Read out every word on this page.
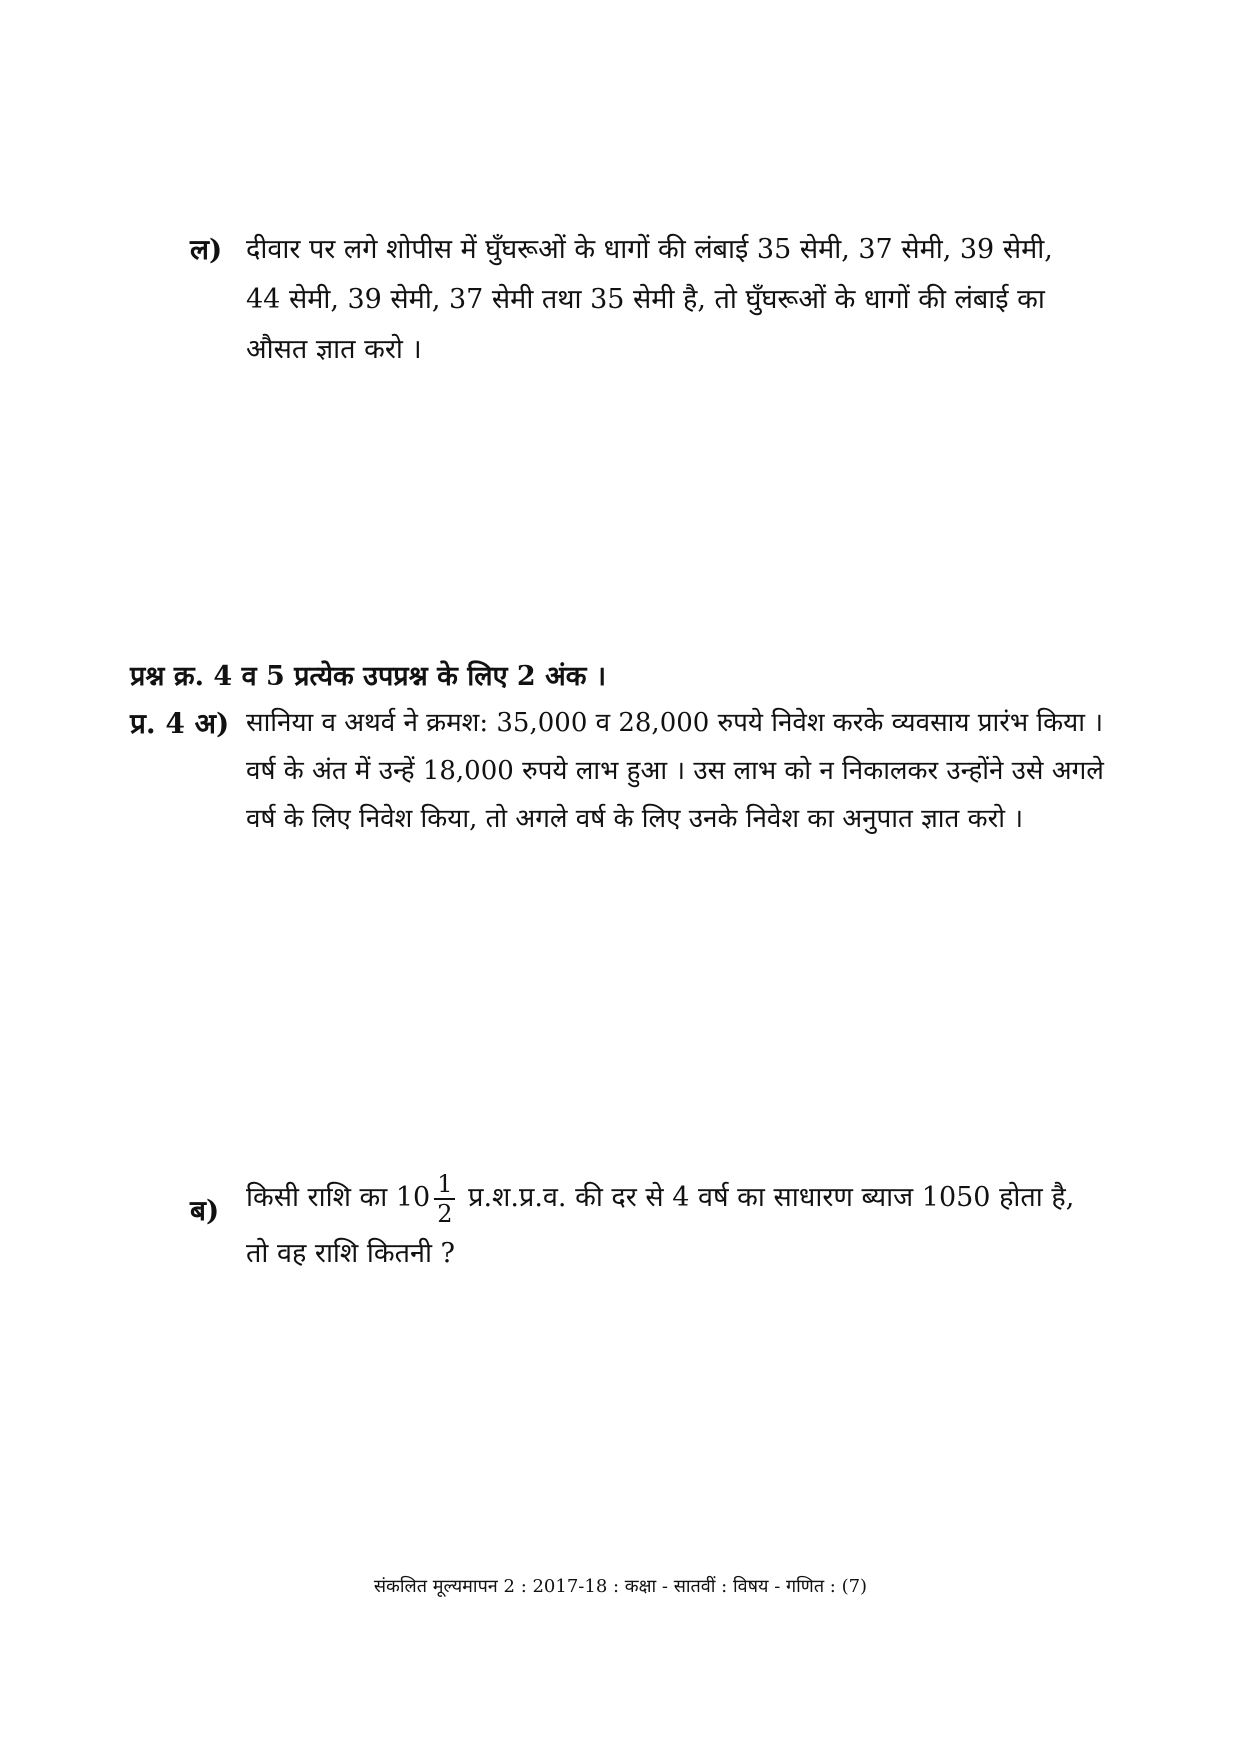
ल) दीवार पर लगे शोपीस में घुँघरूओं के धागों की लंबाई 35 सेमी, 37 सेमी, 39 सेमी,
44 सेमी, 39 सेमी, 37 सेमी तथा 35 सेमी है, तो घुँघरूओं के धागों की लंबाई का
औसत ज्ञात करो ।
प्रश्न क्र. 4 व 5 प्रत्येक उपप्रश्न के लिए 2 अंक ।
प्र. 4 अ) सानिया व अथर्व ने क्रमश: 35,000 व 28,000 रुपये निवेश करके व्यवसाय प्रारंभ किया ।
वर्ष के अंत में उन्हें 18,000 रुपये लाभ हुआ । उस लाभ को न निकालकर उन्होंने उसे अगले
वर्ष के लिए निवेश किया, तो अगले वर्ष के लिए उनके निवेश का अनुपात ज्ञात करो ।
ब) किसी राशि का $10 \frac{1}{2}$ प्र.श.प्र.व. की दर से 4 वर्ष का साधारण ब्याज 1050 होता है,
तो वह राशि कितनी ?
संकलित मूल्यमापन 2 : 2017-18 : कक्षा - सातवीं : विषय - गणित : (7)
